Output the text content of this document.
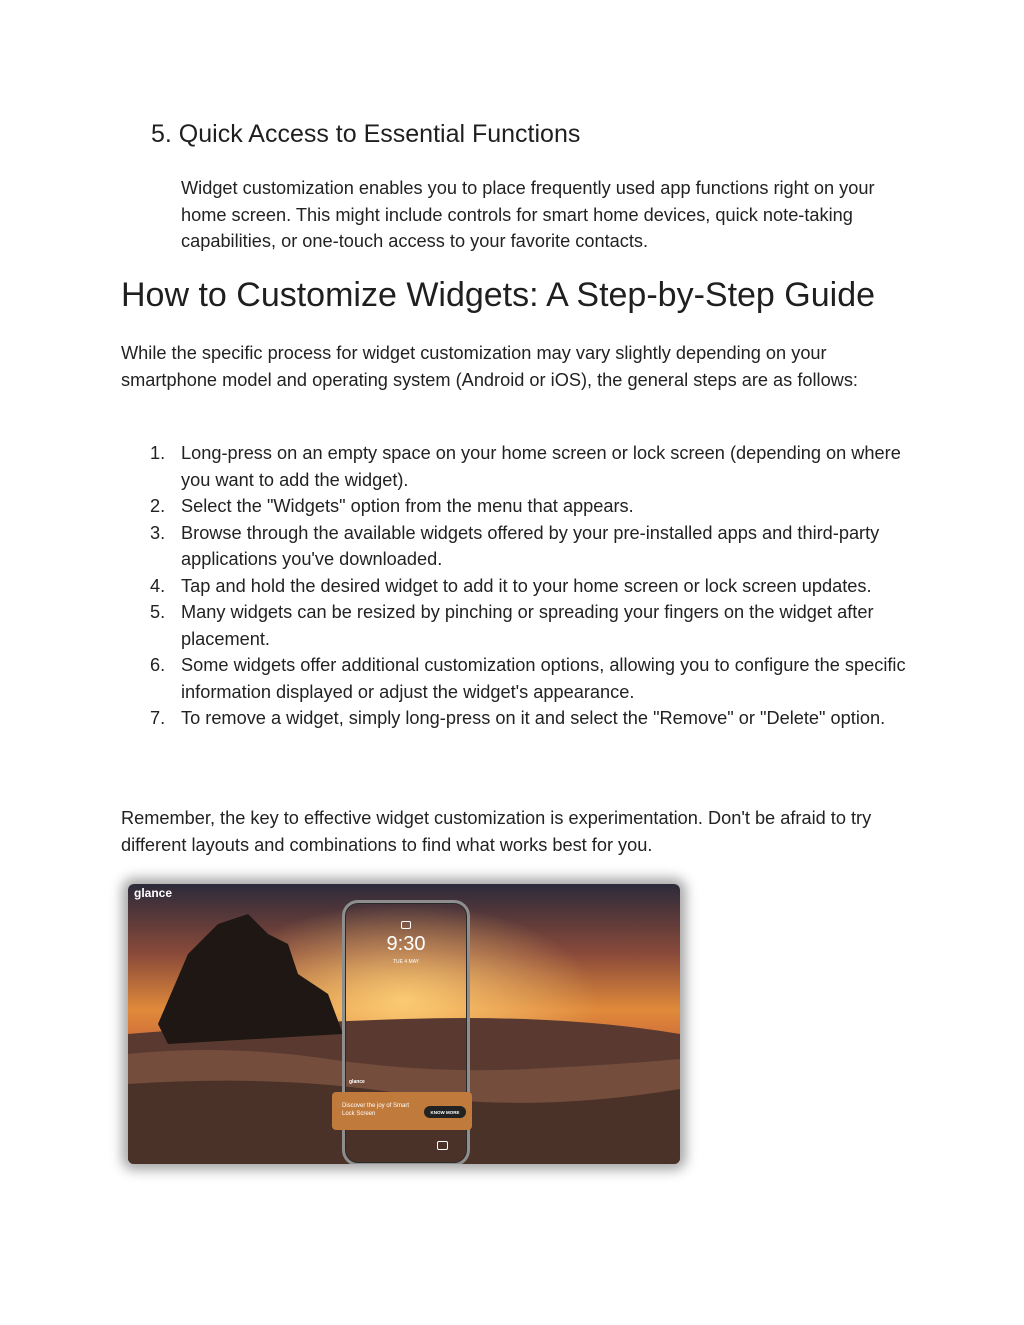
5. Quick Access to Essential Functions

Widget customization enables you to place frequently used app functions right on your home screen. This might include controls for smart home devices, quick note-taking capabilities, or one-touch access to your favorite contacts.

How to Customize Widgets: A Step-by-Step Guide

While the specific process for widget customization may vary slightly depending on your smartphone model and operating system (Android or iOS), the general steps are as follows:

1. Long-press on an empty space on your home screen or lock screen (depending on where you want to add the widget).
2. Select the "Widgets" option from the menu that appears.
3. Browse through the available widgets offered by your pre-installed apps and third-party applications you've downloaded.
4. Tap and hold the desired widget to add it to your home screen or lock screen updates.
5. Many widgets can be resized by pinching or spreading your fingers on the widget after placement.
6. Some widgets offer additional customization options, allowing you to configure the specific information displayed or adjust the widget's appearance.
7. To remove a widget, simply long-press on it and select the "Remove" or "Delete" option.

Remember, the key to effective widget customization is experimentation. Don't be afraid to try different layouts and combinations to find what works best for you.

glance
9:30
TUE 4 MAY
glance
Discover the joy of Smart Lock Screen	KNOW MORE
